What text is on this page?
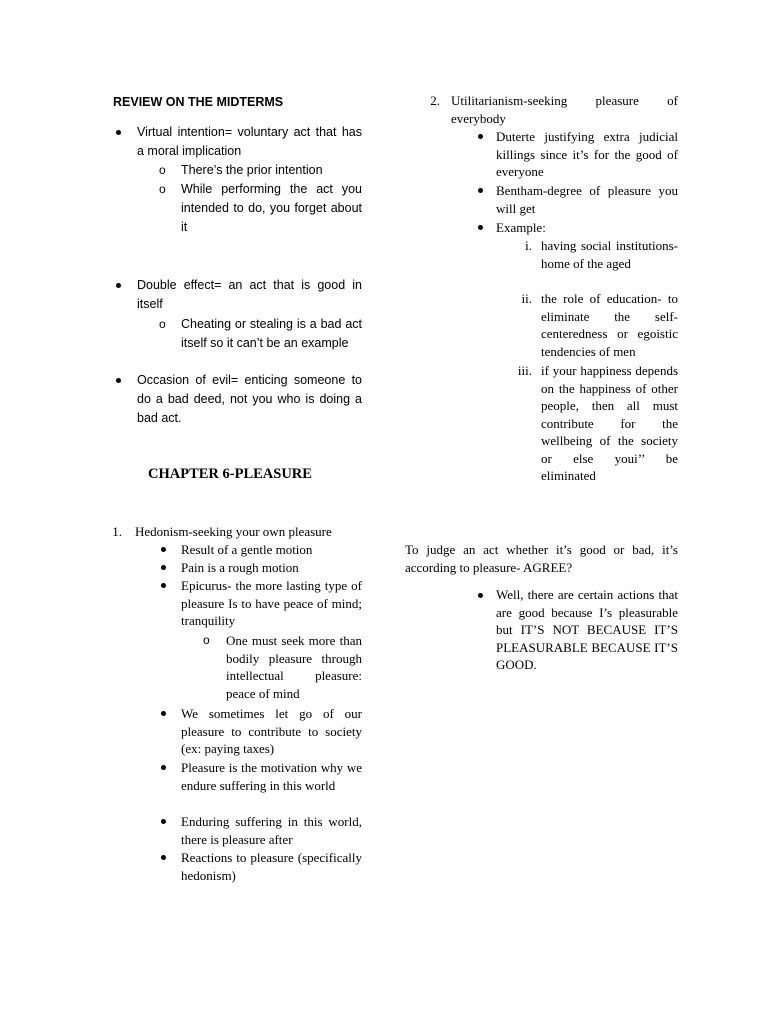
REVIEW ON THE MIDTERMS
Virtual intention= voluntary act that has a moral implication
o There’s the prior intention
o While performing the act you intended to do, you forget about it
Double effect= an act that is good in itself
o Cheating or stealing is a bad act itself so it can’t be an example
Occasion of evil= enticing someone to do a bad deed, not you who is doing a bad act.
CHAPTER 6-PLEASURE
1. Hedonism-seeking your own pleasure
Result of a gentle motion
Pain is a rough motion
Epicurus- the more lasting type of pleasure Is to have peace of mind; tranquility
o One must seek more than bodily pleasure through intellectual pleasure: peace of mind
We sometimes let go of our pleasure to contribute to society (ex: paying taxes)
Pleasure is the motivation why we endure suffering in this world
Enduring suffering in this world, there is pleasure after
Reactions to pleasure (specifically hedonism)
2. Utilitarianism-seeking pleasure of everybody
Duterte justifying extra judicial killings since it’s for the good of everyone
Bentham-degree of pleasure you will get
Example:
i. having social institutions- home of the aged
ii. the role of education- to eliminate the self-centeredness or egoistic tendencies of men
iii. if your happiness depends on the happiness of other people, then all must contribute for the wellbeing of the society or else youi’’ be eliminated
To judge an act whether it’s good or bad, it’s according to pleasure- AGREE?
Well, there are certain actions that are good because I’s pleasurable but IT’S NOT BECAUSE IT’S PLEASURABLE BECAUSE IT’S GOOD.
